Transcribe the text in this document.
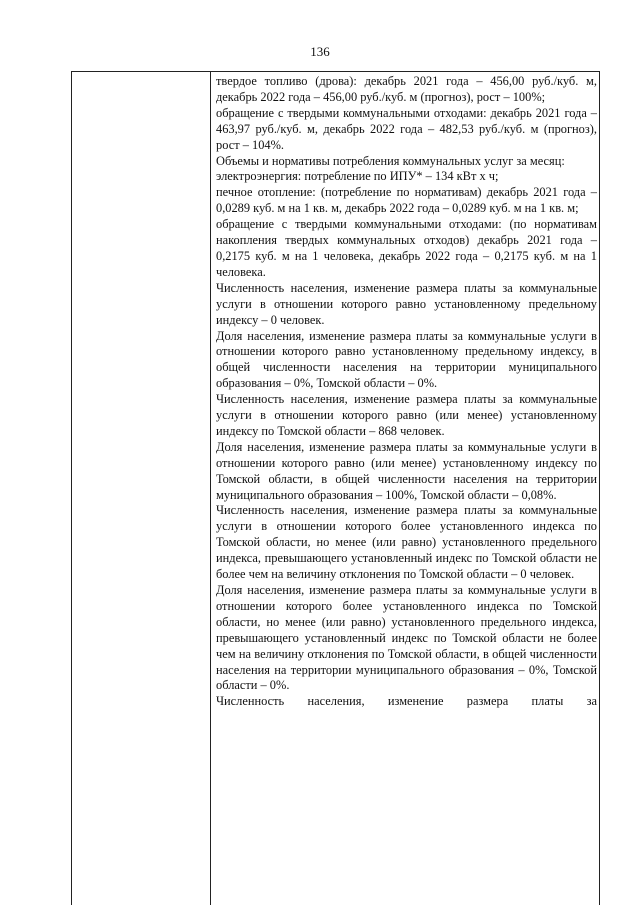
136

твердое топливо (дрова): декабрь 2021 года – 456,00 руб./куб. м, декабрь 2022 года – 456,00 руб./куб. м (прогноз), рост – 100%;

обращение с твердыми коммунальными отходами: декабрь 2021 года – 463,97 руб./куб. м, декабрь 2022 года – 482,53 руб./куб. м (прогноз), рост – 104%.

Объемы и нормативы потребления коммунальных услуг за месяц:

электроэнергия: потребление по ИПУ* – 134 кВт х ч;

печное отопление: (потребление по нормативам) декабрь 2021 года – 0,0289 куб. м на 1 кв. м, декабрь 2022 года – 0,0289 куб. м на 1 кв. м;

обращение с твердыми коммунальными отходами: (по нормативам накопления твердых коммунальных отходов) декабрь 2021 года – 0,2175 куб. м на 1 человека, декабрь 2022 года – 0,2175 куб. м на 1 человека.

Численность населения, изменение размера платы за коммунальные услуги в отношении которого равно установленному предельному индексу – 0 человек.

Доля населения, изменение размера платы за коммунальные услуги в отношении которого равно установленному предельному индексу, в общей численности населения на территории муниципального образования – 0%, Томской области – 0%.

Численность населения, изменение размера платы за коммунальные услуги в отношении которого равно (или менее) установленному индексу по Томской области – 868 человек.

Доля населения, изменение размера платы за коммунальные услуги в отношении которого равно (или менее) установленному индексу по Томской области, в общей численности населения на территории муниципального образования – 100%, Томской области – 0,08%.

Численность населения, изменение размера платы за коммунальные услуги в отношении которого более установленного индекса по Томской области, но менее (или равно) установленного предельного индекса, превышающего установленный индекс по Томской области не более чем на величину отклонения по Томской области – 0 человек.

Доля населения, изменение размера платы за коммунальные услуги в отношении которого более установленного индекса по Томской области, но менее (или равно) установленного предельного индекса, превышающего установленный индекс по Томской области не более чем на величину отклонения по Томской области, в общей численности населения на территории муниципального образования – 0%, Томской области – 0%.

Численность населения, изменение размера платы за
